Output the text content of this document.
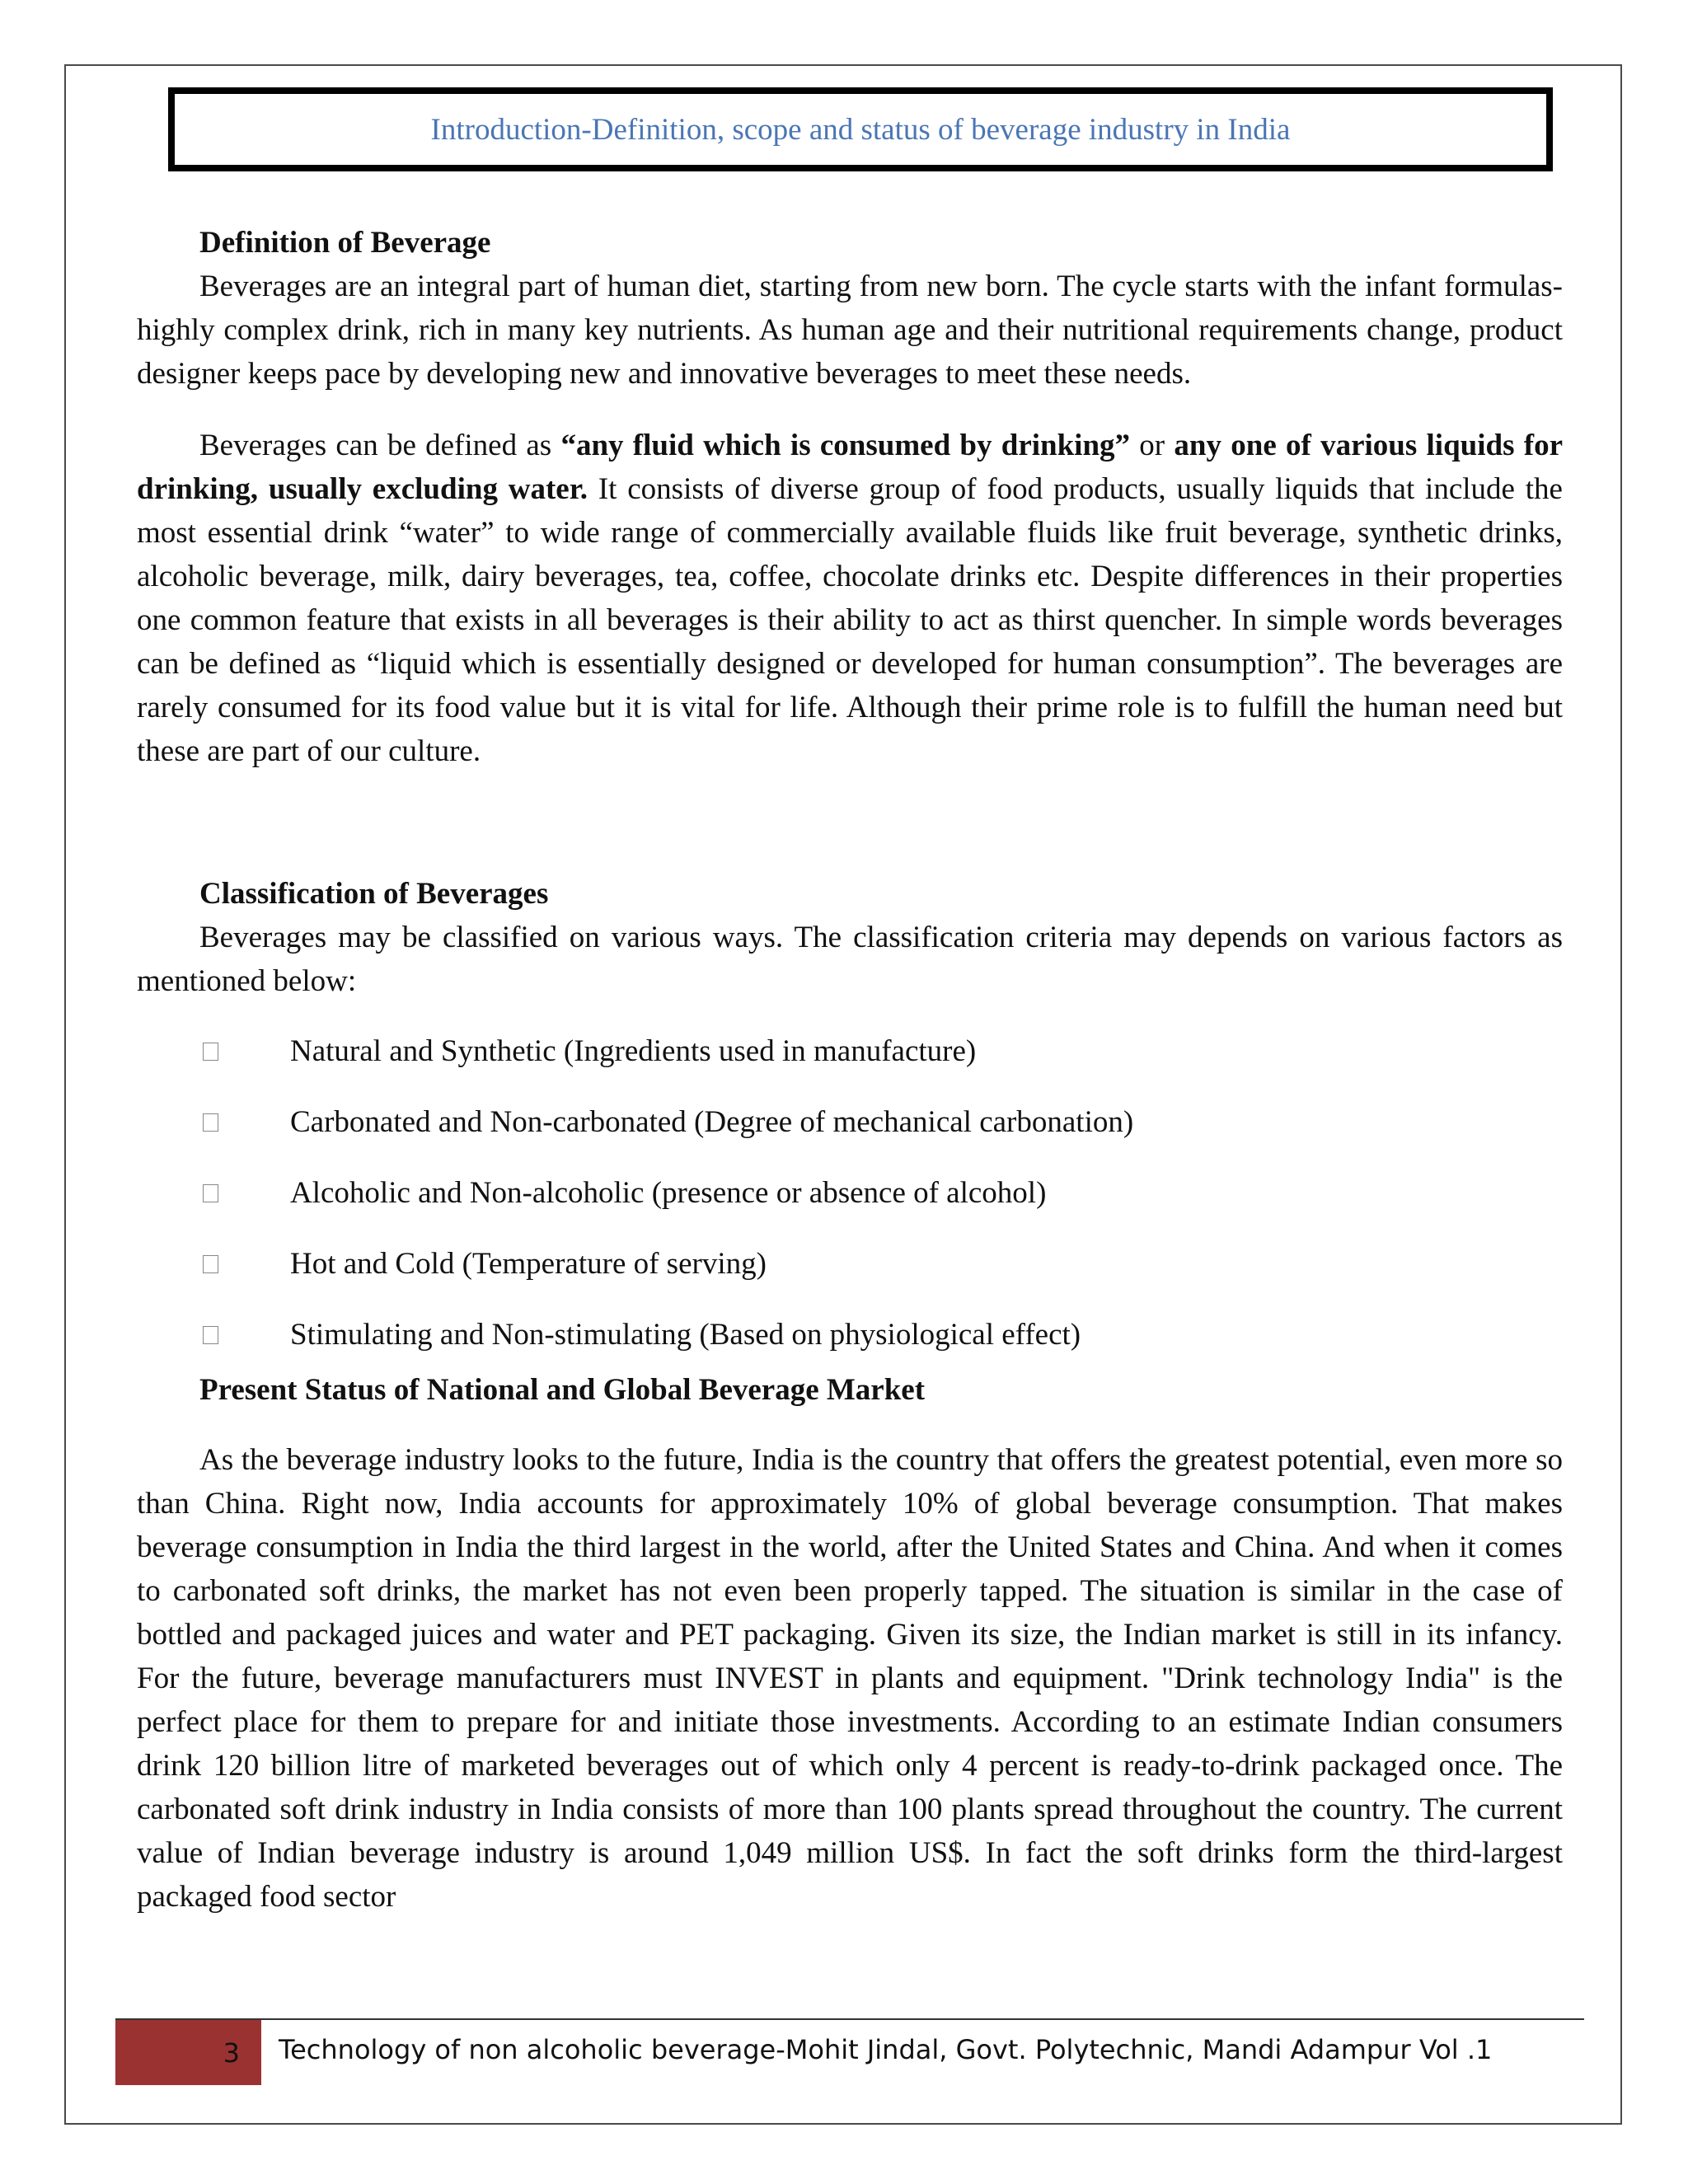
Introduction-Definition, scope and status of beverage industry in India

Definition of Beverage

Beverages are an integral part of human diet, starting from new born. The cycle starts with the infant formulas- highly complex drink, rich in many key nutrients. As human age and their nutritional requirements change, product designer keeps pace by developing new and innovative beverages to meet these needs.

Beverages can be defined as “any fluid which is consumed by drinking” or any one of various liquids for drinking, usually excluding water. It consists of diverse group of food products, usually liquids that include the most essential drink “water” to wide range of commercially available fluids like fruit beverage, synthetic drinks, alcoholic beverage, milk, dairy beverages, tea, coffee, chocolate drinks etc. Despite differences in their properties one common feature that exists in all beverages is their ability to act as thirst quencher. In simple words beverages can be defined as “liquid which is essentially designed or developed for human consumption”. The beverages are rarely consumed for its food value but it is vital for life. Although their prime role is to fulfill the human need but these are part of our culture.

Classification of Beverages

Beverages may be classified on various ways. The classification criteria may depends on various factors as mentioned below:

Natural and Synthetic (Ingredients used in manufacture)
Carbonated and Non-carbonated (Degree of mechanical carbonation)
Alcoholic and Non-alcoholic (presence or absence of alcohol)
Hot and Cold (Temperature of serving)
Stimulating and Non-stimulating (Based on physiological effect)

Present Status of National and Global Beverage Market

As the beverage industry looks to the future, India is the country that offers the greatest potential, even more so than China. Right now, India accounts for approximately 10% of global beverage consumption. That makes beverage consumption in India the third largest in the world, after the United States and China. And when it comes to carbonated soft drinks, the market has not even been properly tapped. The situation is similar in the case of bottled and packaged juices and water and PET packaging. Given its size, the Indian market is still in its infancy. For the future, beverage manufacturers must INVEST in plants and equipment. "Drink technology India" is the perfect place for them to prepare for and initiate those investments. According to an estimate Indian consumers drink 120 billion litre of marketed beverages out of which only 4 percent is ready-to-drink packaged once. The carbonated soft drink industry in India consists of more than 100 plants spread throughout the country. The current value of Indian beverage industry is around 1,049 million US$. In fact the soft drinks form the third-largest packaged food sector

3 Technology of non alcoholic beverage-Mohit Jindal, Govt. Polytechnic, Mandi Adampur Vol .1
